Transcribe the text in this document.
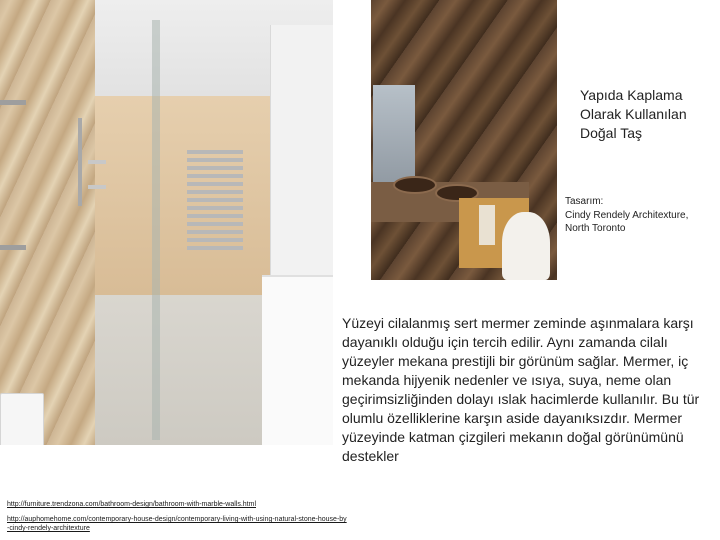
Yapıda Kaplama
Olarak Kullanılan
Doğal Taş
Tasarım:
Cindy Rendely Architexture, North Toronto
Yüzeyi cilalanmış sert mermer zeminde aşınmalara karşı dayanıklı olduğu için tercih edilir. Aynı zamanda cilalı yüzeyler mekana prestijli bir görünüm sağlar. Mermer, iç mekanda hijyenik nedenler ve ısıya, suya, neme olan geçirimsizliğinden dolayı ıslak hacimlerde kullanılır. Bu tür olumlu özelliklerine karşın aside dayanıksızdır. Mermer yüzeyinde katman çizgileri mekanın doğal görünümünü destekler
http://furniture.trendzona.com/bathroom-design/bathroom-with-marble-walls.html
http://auphomehome.com/contemporary-house-design/contemporary-living-with-using-natural-stone-house-by-cindy-rendely-architexture
